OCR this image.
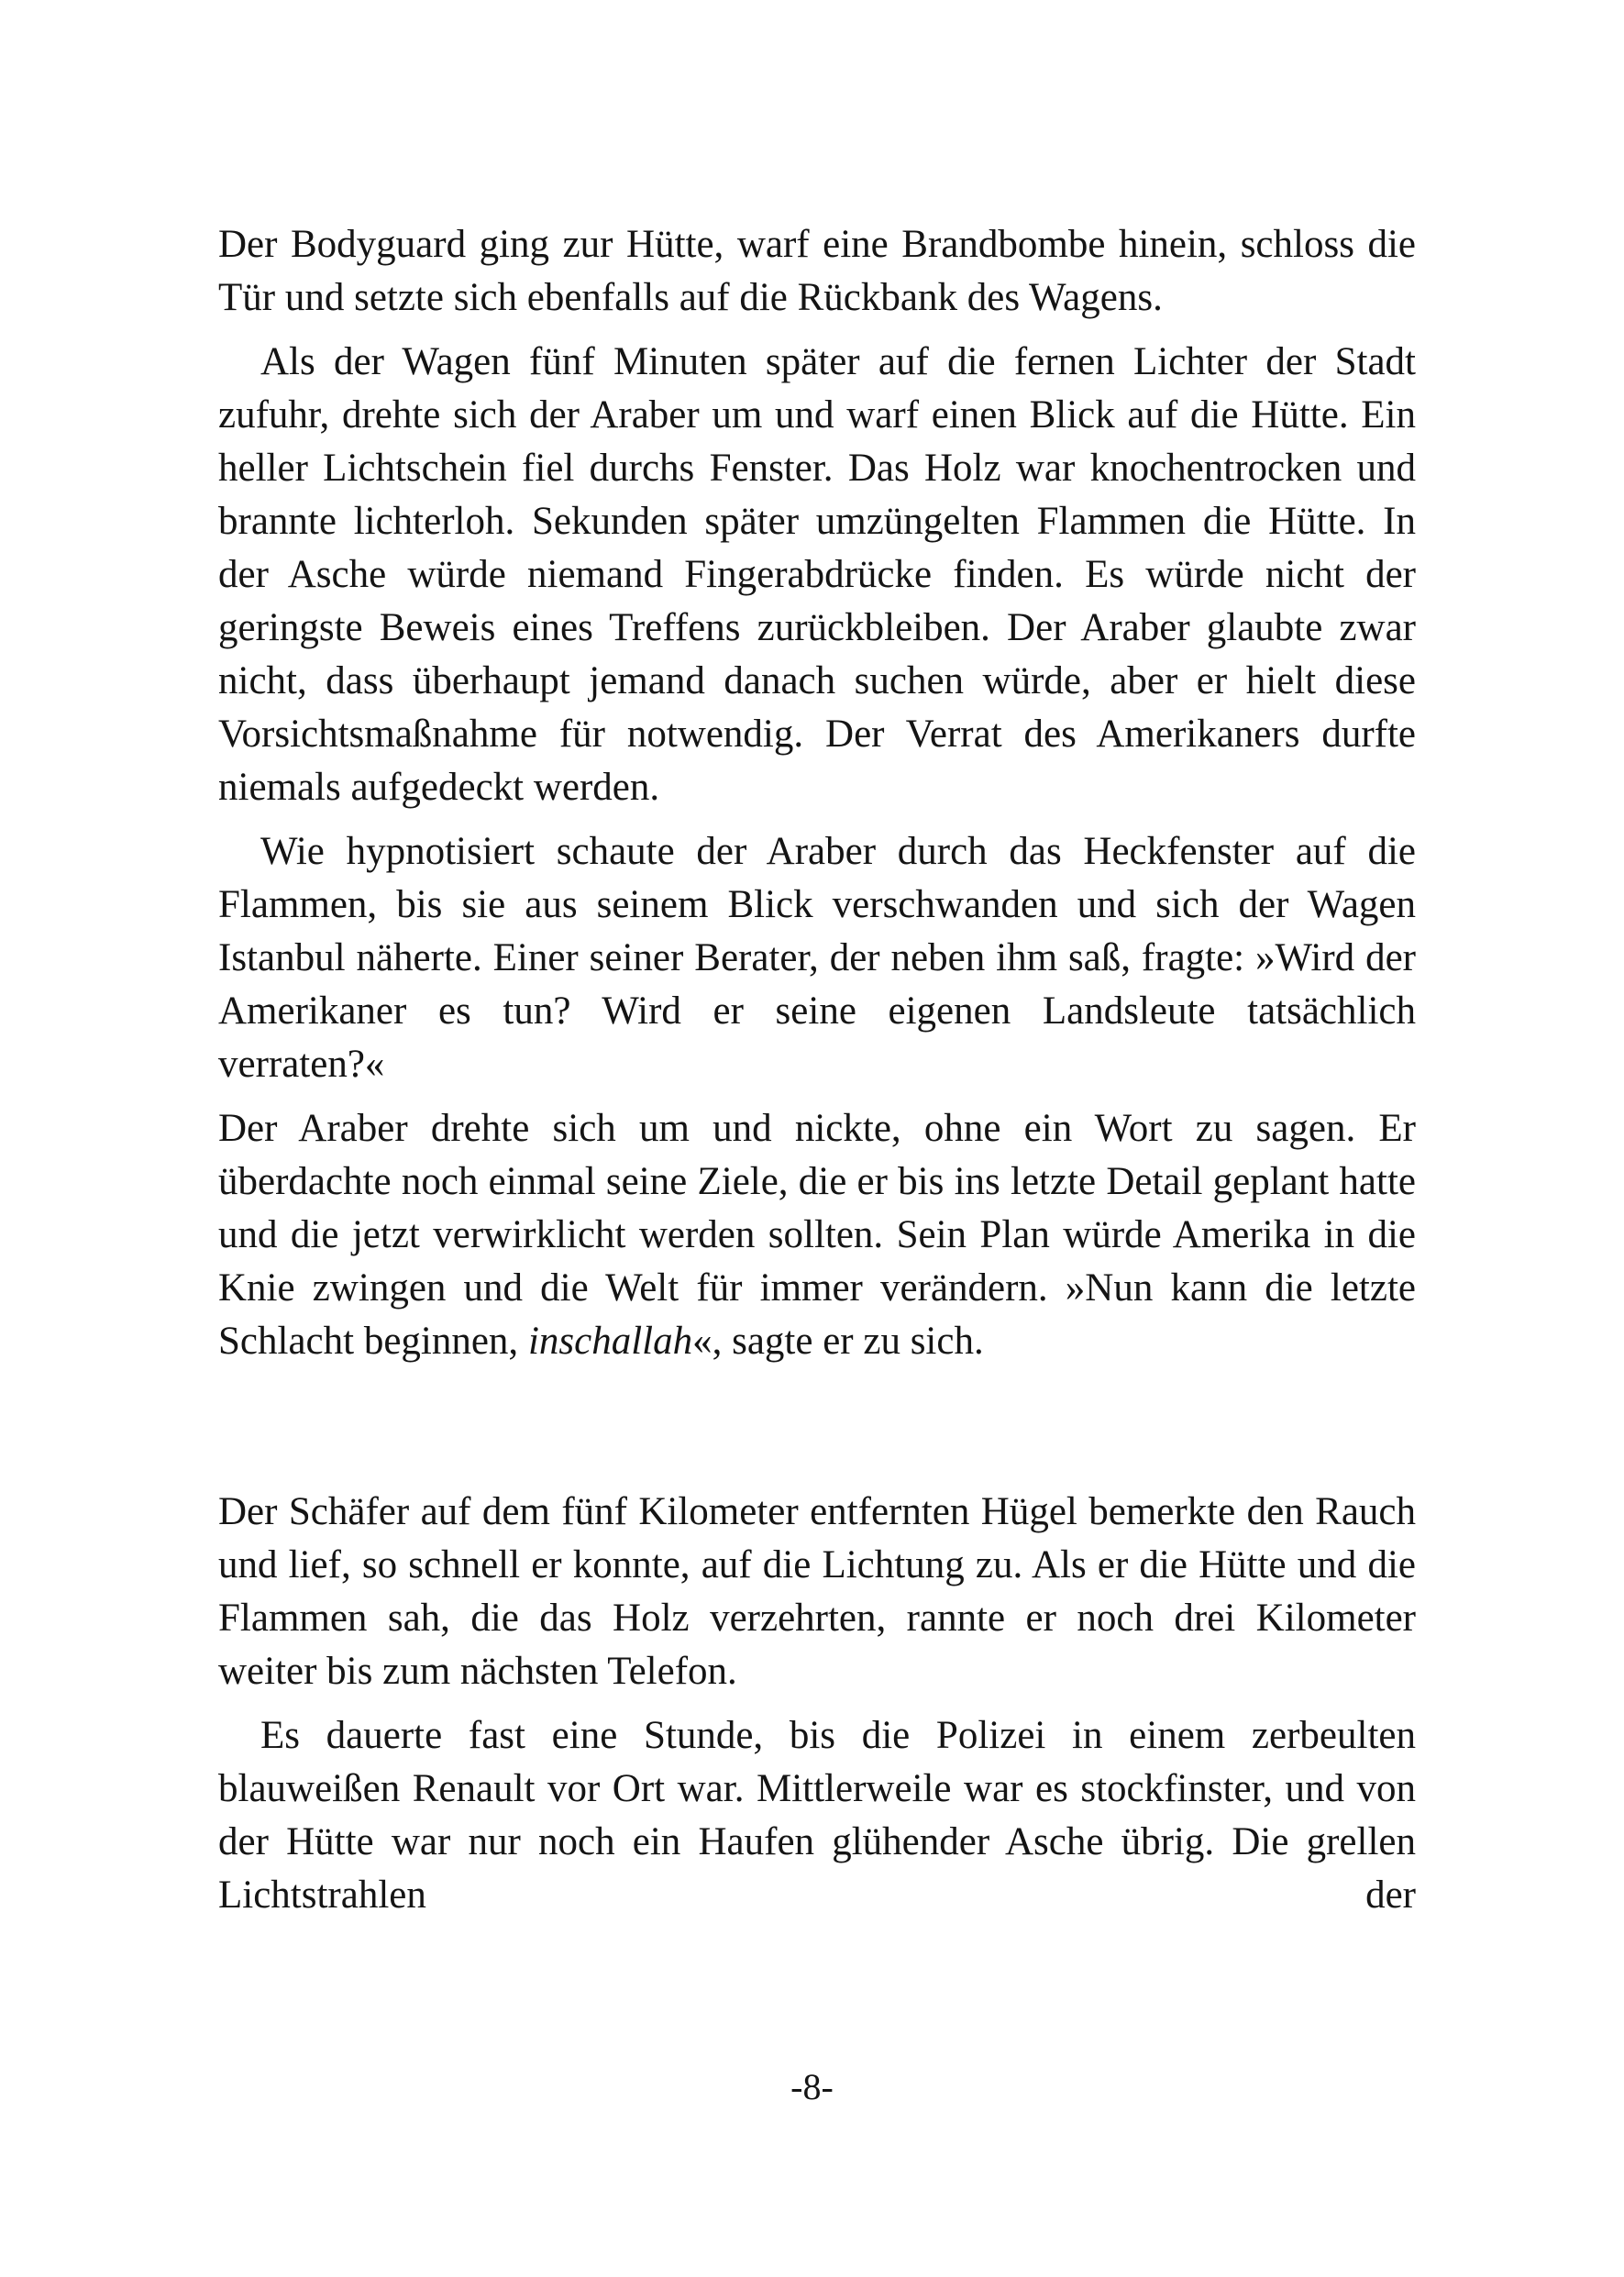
Der Bodyguard ging zur Hütte, warf eine Brandbombe hinein, schloss die Tür und setzte sich ebenfalls auf die Rückbank des Wagens.

Als der Wagen fünf Minuten später auf die fernen Lichter der Stadt zufuhr, drehte sich der Araber um und warf einen Blick auf die Hütte. Ein heller Lichtschein fiel durchs Fenster. Das Holz war knochentrocken und brannte lichterloh. Sekunden später umzüngelten Flammen die Hütte. In der Asche würde niemand Fingerabdrücke finden. Es würde nicht der geringste Beweis eines Treffens zurückbleiben. Der Araber glaubte zwar nicht, dass überhaupt jemand danach suchen würde, aber er hielt diese Vorsichtsmaßnahme für notwendig. Der Verrat des Amerikaners durfte niemals aufgedeckt werden.

Wie hypnotisiert schaute der Araber durch das Heckfenster auf die Flammen, bis sie aus seinem Blick verschwanden und sich der Wagen Istanbul näherte. Einer seiner Berater, der neben ihm saß, fragte: »Wird der Amerikaner es tun? Wird er seine eigenen Landsleute tatsächlich verraten?«

Der Araber drehte sich um und nickte, ohne ein Wort zu sagen. Er überdachte noch einmal seine Ziele, die er bis ins letzte Detail geplant hatte und die jetzt verwirklicht werden sollten. Sein Plan würde Amerika in die Knie zwingen und die Welt für immer verändern. »Nun kann die letzte Schlacht beginnen, inschallah«, sagte er zu sich.

Der Schäfer auf dem fünf Kilometer entfernten Hügel bemerkte den Rauch und lief, so schnell er konnte, auf die Lichtung zu. Als er die Hütte und die Flammen sah, die das Holz verzehrten, rannte er noch drei Kilometer weiter bis zum nächsten Telefon.

Es dauerte fast eine Stunde, bis die Polizei in einem zerbeulten blauweißen Renault vor Ort war. Mittlerweile war es stockfinster, und von der Hütte war nur noch ein Haufen glühender Asche übrig. Die grellen Lichtstrahlen der

-8-
